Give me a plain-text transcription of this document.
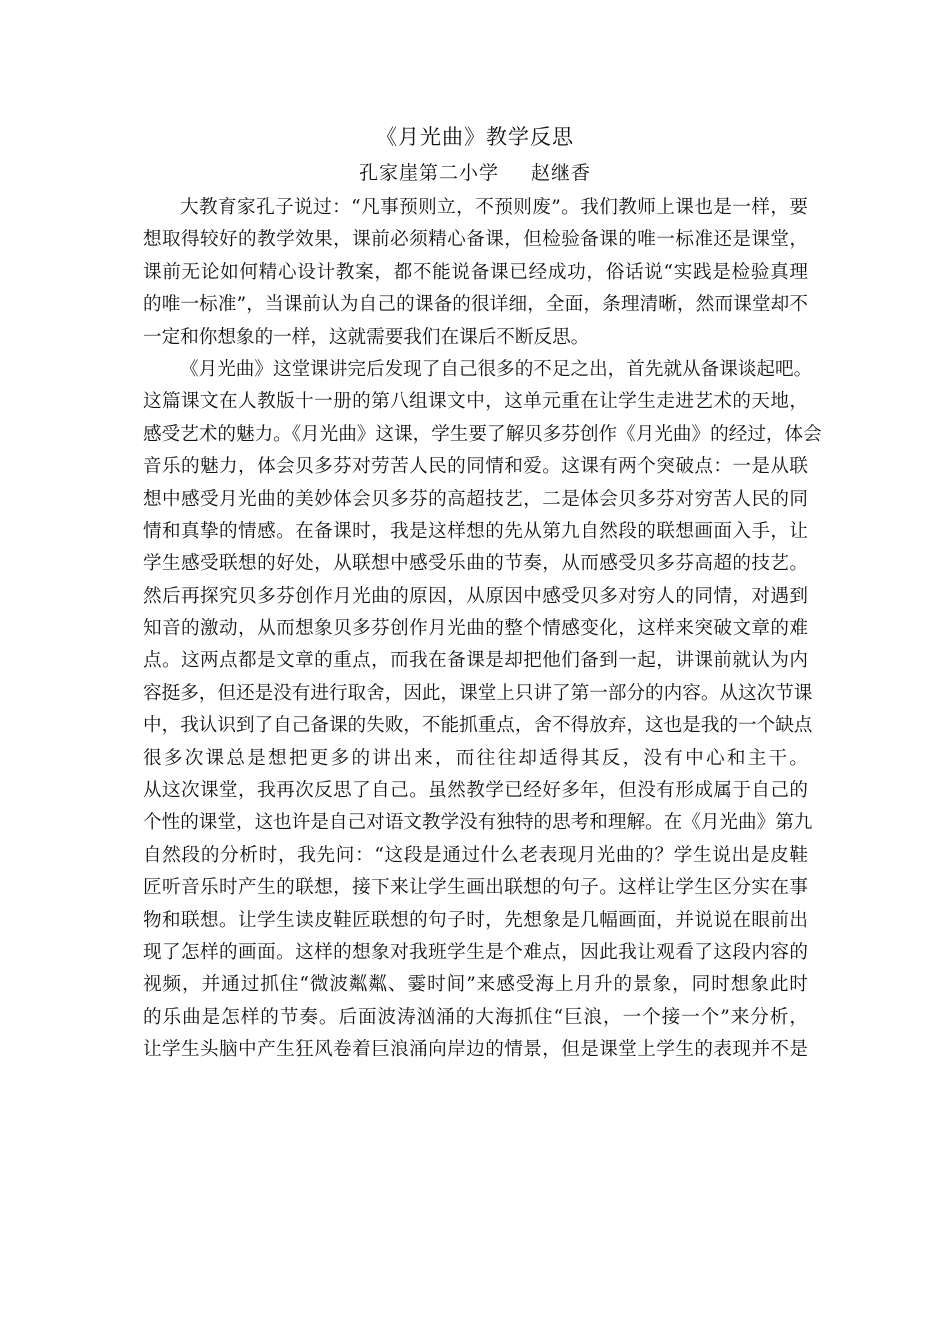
《月光曲》教学反思
孔家崖第二小学 赵继香
大教育家孔子说过：“凡事预则立，不预则废”。我们教师上课也是一样，要
想取得较好的教学效果，课前必须精心备课，但检验备课的唯一标准还是课堂，
课前无论如何精心设计教案，都不能说备课已经成功，俗话说“实践是检验真理
的唯一标准”，当课前认为自己的课备的很详细，全面，条理清晰，然而课堂却不
一定和你想象的一样，这就需要我们在课后不断反思。
《月光曲》这堂课讲完后发现了自己很多的不足之出，首先就从备课谈起吧。
这篇课文在人教版十一册的第八组课文中，这单元重在让学生走进艺术的天地，
感受艺术的魅力。《月光曲》这课，学生要了解贝多芬创作《月光曲》的经过，体会
音乐的魅力，体会贝多芬对劳苦人民的同情和爱。这课有两个突破点：一是从联
想中感受月光曲的美妙体会贝多芬的高超技艺，二是体会贝多芬对穷苦人民的同
情和真挚的情感。在备课时，我是这样想的先从第九自然段的联想画面入手，让
学生感受联想的好处，从联想中感受乐曲的节奏，从而感受贝多芬高超的技艺。
然后再探究贝多芬创作月光曲的原因，从原因中感受贝多对穷人的同情，对遇到
知音的激动，从而想象贝多芬创作月光曲的整个情感变化，这样来突破文章的难
点。这两点都是文章的重点，而我在备课是却把他们备到一起，讲课前就认为内
容挺多，但还是没有进行取舍，因此，课堂上只讲了第一部分的内容。从这次节课
中，我认识到了自己备课的失败，不能抓重点，舍不得放弃，这也是我的一个缺点
很多次课总是想把更多的讲出来，而往往却适得其反，没有中心和主干。
从这次课堂，我再次反思了自己。虽然教学已经好多年，但没有形成属于自己的
个性的课堂，这也许是自己对语文教学没有独特的思考和理解。在《月光曲》第九
自然段的分析时，我先问：“这段是通过什么老表现月光曲的？学生说出是皮鞋
匠听音乐时产生的联想，接下来让学生画出联想的句子。这样让学生区分实在事
物和联想。让学生读皮鞋匠联想的句子时，先想象是几幅画面，并说说在眼前出
现了怎样的画面。这样的想象对我班学生是个难点，因此我让观看了这段内容的
视频，并通过抓住“微波粼粼、霎时间”来感受海上月升的景象，同时想象此时
的乐曲是怎样的节奏。后面波涛汹涌的大海抓住“巨浪，一个接一个”来分析，
让学生头脑中产生狂风卷着巨浪涌向岸边的情景，但是课堂上学生的表现并不是
